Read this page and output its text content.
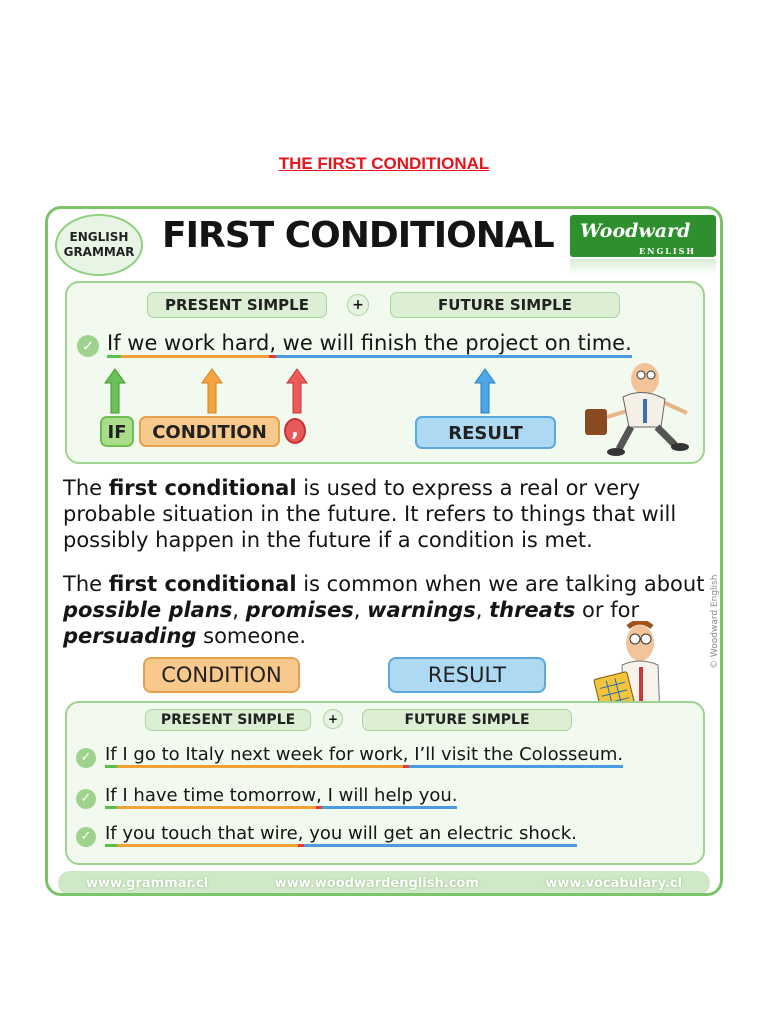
THE FIRST CONDITIONAL
ENGLISH
GRAMMAR FIRST CONDITIONAL	Woodward
ENGLISH
PRESENT SIMPLE	+	FUTURE SIMPLE
✓ If we work hard, we will finish the project on time.
IF	CONDITION	,	RESULT
The first conditional is used to express a real or very probable situation in the future. It refers to things that will possibly happen in the future if a condition is met.
The first conditional is common when we are talking about possible plans, promises, warnings, threats or for persuading someone.
CONDITION	RESULT
© Woodward English
PRESENT SIMPLE	+	FUTURE SIMPLE
✓ If I go to Italy next week for work, I’ll visit the Colosseum.
✓ If I have time tomorrow, I will help you.
✓ If you touch that wire, you will get an electric shock.
www.grammar.cl	www.woodwardenglish.com	www.vocabulary.cl
